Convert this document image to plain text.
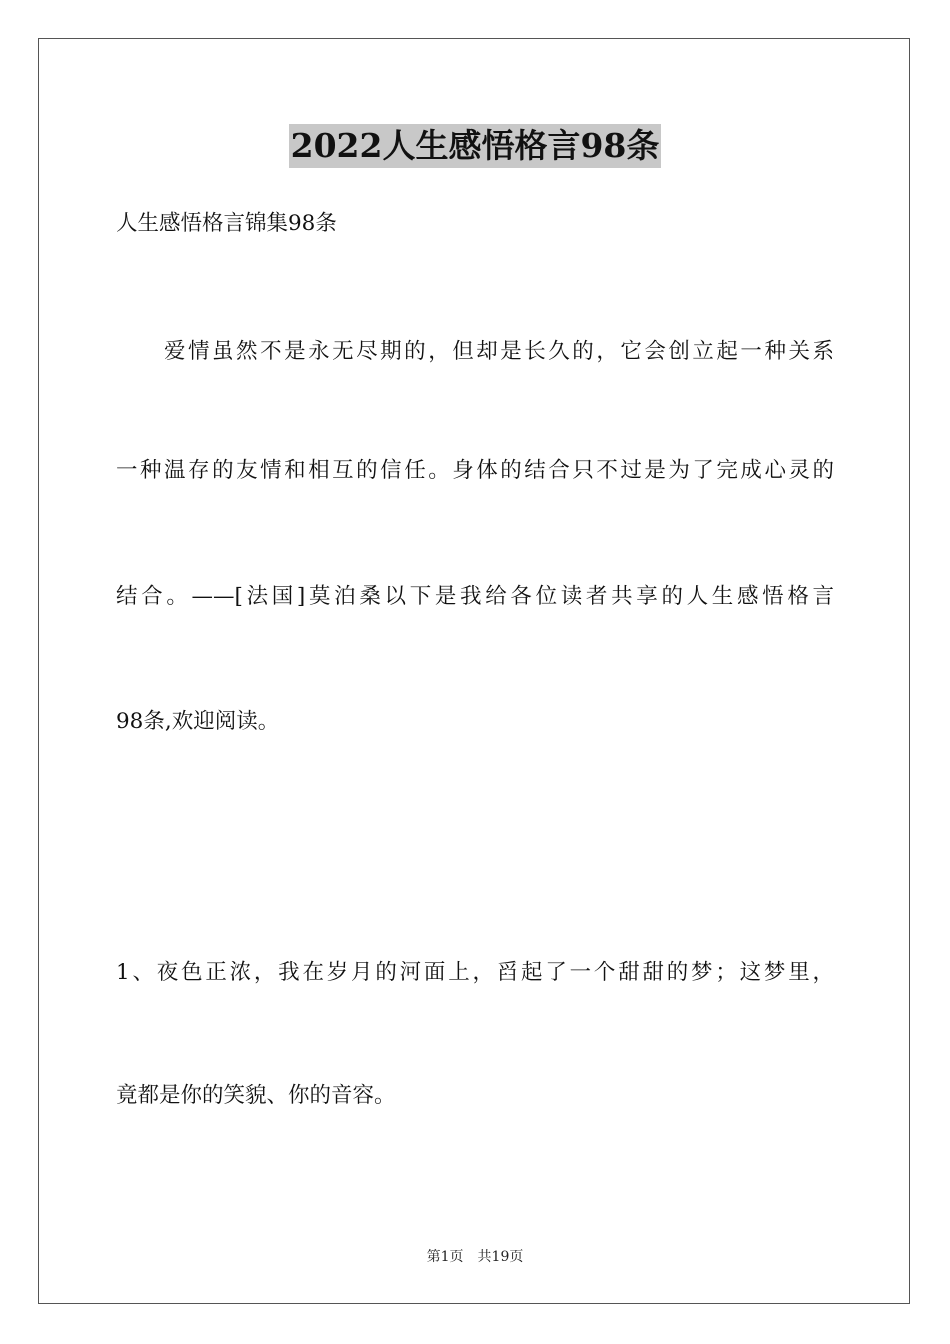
2022人生感悟格言98条
人生感悟格言锦集98条
爱情虽然不是永无尽期的，但却是长久的，它会创立起一种关系
一种温存的友情和相互的信任。身体的结合只不过是为了完成心灵的
结合。——[法国]莫泊桑以下是我给各位读者共享的人生感悟格言
98条,欢迎阅读。
1、夜色正浓，我在岁月的河面上，舀起了一个甜甜的梦；这梦里，
竟都是你的笑貌、你的音容。
第1页 共19页
